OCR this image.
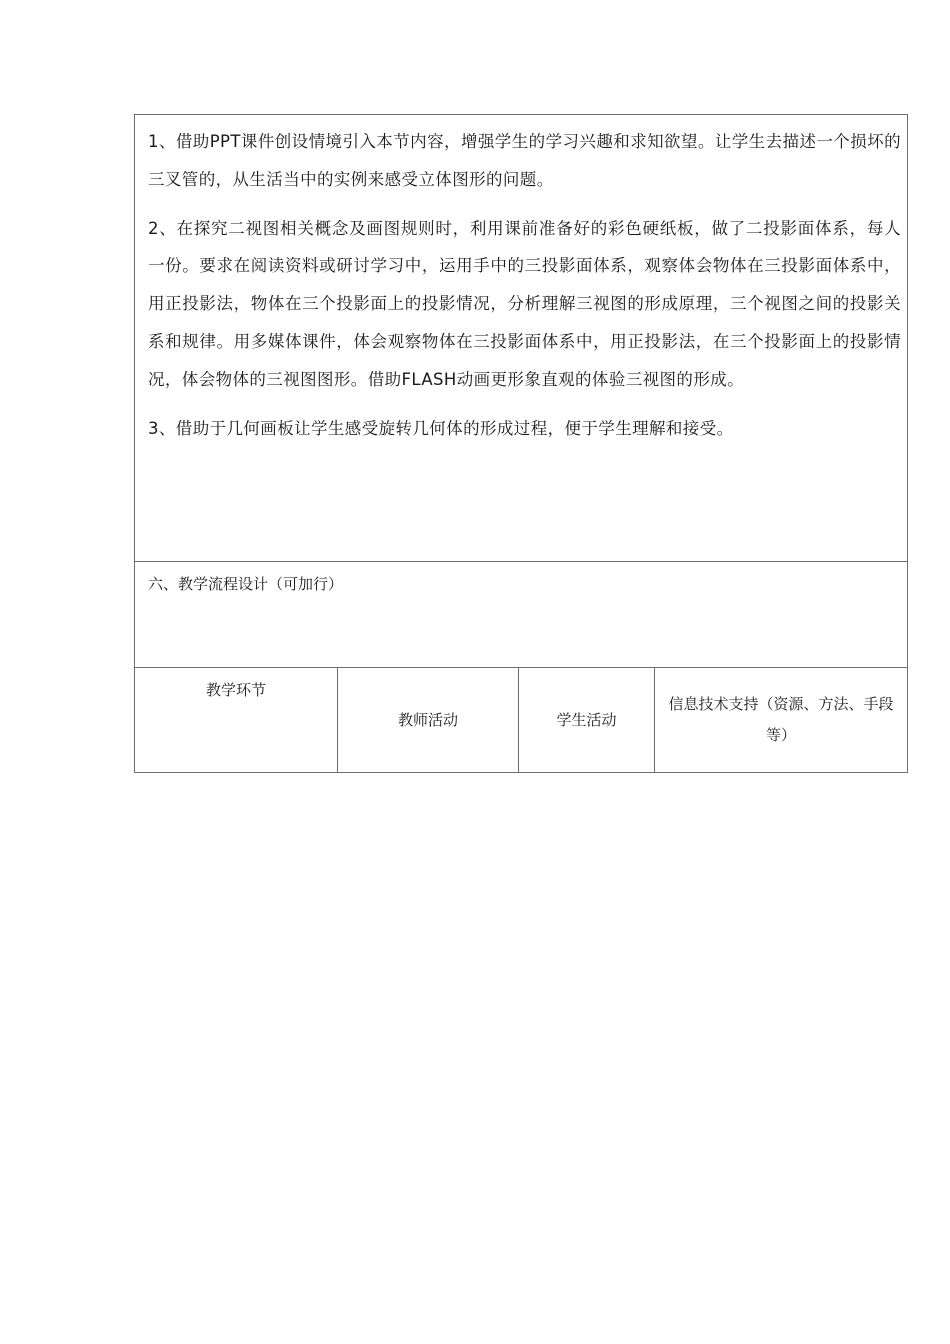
1、借助PPT课件创设情境引入本节内容，增强学生的学习兴趣和求知欲望。让学生去描述一个损坏的三叉管的，从生活当中的实例来感受立体图形的问题。

2、在探究二视图相关概念及画图规则时，利用课前准备好的彩色硬纸板，做了二投影面体系，每人一份。要求在阅读资料或研讨学习中，运用手中的三投影面体系，观察体会物体在三投影面体系中，用正投影法，物体在三个投影面上的投影情况，分析理解三视图的形成原理，三个视图之间的投影关系和规律。用多媒体课件，体会观察物体在三投影面体系中，用正投影法，在三个投影面上的投影情况，体会物体的三视图图形。借助FLASH动画更形象直观的体验三视图的形成。

3、借助于几何画板让学生感受旋转几何体的形成过程，便于学生理解和接受。

六、教学流程设计（可加行）
教学环节	教师活动	学生活动	信息技术支持（资源、方法、手段等）
